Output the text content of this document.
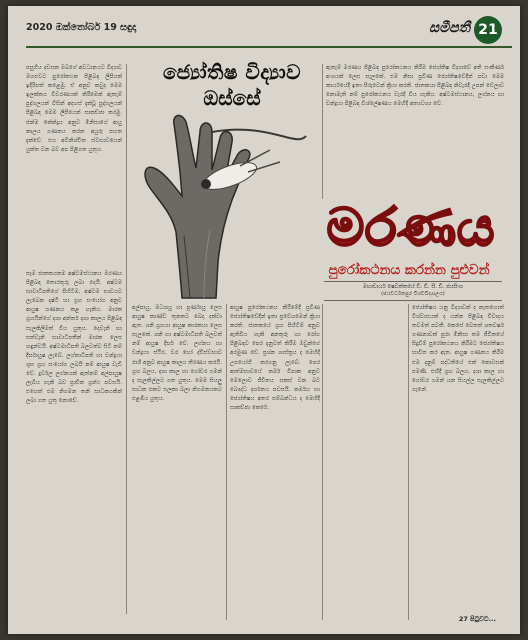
2020 ඔක්තෝබර් 19 සඳුදා	සමීපතී 21
ජ්‍යෝතිෂ විද්‍යාව
ඔස්සේ
මරණය
පුරෝකථනය කරන්න පුළුවන්
මහාචාර්ය ෂෙවත්තයේ ඩී. ඩී. සී. ඩී. ජයසිංහ
(ජයවර්ධනපුර විශ්වවිද්‍යාලය)

පසුගිය දවසක ඔබගේ අවධානයට විද්‍යාව මහළුවට පුරෝකථන පිළිබඳ ලිපියක් ඉදිරිපත් කළෙමු. ඒ අනුව කවුද මෙම ඉලක්කය විවරණයක් කිරීමෙන් ඇතැම් පුද්ගලයන් විසින් අදහස් දැක්වූ පුද්ගලයන් පිළිබඳ මෙම ලිපියෙන් සාකච්ඡා කරමු. ජන්ම කේන්ද්‍රය අනුව මිනිසාගේ ආයු කාලය ගණනය කරන අයුරු පහත දැක්වේ. එය අවිනිශ්චිත ස්වභාවයෙන් යුක්ත වන බව අප පිළිගත යුතුය.

සෑම ජාතකයකම අෂ්ටමස්ථානය මරණය පිළිබඳ තොරතුරු ලබා දෙයි. අෂ්ටම භාවාධිපතිගේ පිහිටීම, අෂ්ටම භාවයට ලැබෙන දෘෂ්ටි හා ග්‍රහ සංයෝග අනුව ආයුෂ ගණනය කළ හැකිය. මාරක ග්‍රහයින්ගේ දශා අන්තර් දශා කාලය පිළිබඳ සැලකිලිමත් විය යුතුය. දෙවැනි හා සත්වැනි භාවාධිපතීන් මාරක ලෙස හඳුන්වයි. අෂ්ටමාධිපති බලවත්ව සිටී නම් දීර්ඝායුෂ ලැබේ. ලග්නාධිපති හා චන්ද්‍රයා ශුභ ග්‍රහ සංයෝග ලබයි නම් ආයුෂ වැඩි වේ. දුර්වල ලග්නයක් ඇත්නම් අල්පායුෂ ලැබිය හැකි බව ප්‍රාචීන ග්‍රන්ථ පවසයි. එහෙත් එම නිගමන තනි සාධකයකින් ලබා ගත යුතු නොවේ.

අල්පායු, මධ්‍යායු හා පූර්ණායු ලෙස ආයුෂ කාණ්ඩ තුනකට බෙදා දක්වා ඇත. ශනි ග්‍රහයා ආයුෂ කාරකයා ලෙස සැලකේ. ශනි හා අෂ්ටමාධිපති බලවත් නම් ආයුෂ දීර්ඝ වේ. ලග්නය හා චන්ද්‍රයා ස්ථිර, චර හෝ ද්විස්වභාව රාශි අනුව ආයුෂ කාලය තීරණය කරයි. ග්‍රහ බලය, දශා කාල හා ගෝචර ගමන් ද සැලකිල්ලට ගත යුතුය. මෙම සියලු සාධක එකට සලකා බලා නිගමනයකට එළඹිය යුතුය.

ආයුෂ පුරෝකථනය කිරීමේදී ප්‍රවීණ ජ්‍යෝතිෂවේදීන් ඉතා ප්‍රවේශමෙන් ක්‍රියා කරති. ජාතකයේ ග්‍රහ පිහිටීම් අනුව ඇතිවිය හැකි අනතුරු හා රෝග පිළිබඳව පෙර දැනුවත් කිරීම ඔවුන්ගේ අරමුණ වේ. ප්‍රශ්න ශාස්ත්‍රය ද මෙහිදී උපයෝගී කරගනු ලැබේ. පෙර ආත්මභාවයේ කර්ම විපාක අනුව මෙලොව ජීවිතය සකස් වන බව බෞද්ධ දර්ශනය පවසයි. කර්මය හා ජ්‍යෝතිෂය අතර සම්බන්ධය ද මෙහිදී සාකච්ඡා කෙරේ.

ඇතැම් මරණය පිළිබඳ පුරෝකථනය කිරීම ජ්‍යෝතිෂ විද්‍යාවේ අති සංකීර්ණ අංශයක් ලෙස සැලකේ. එම නිසා ප්‍රවීණ ජ්‍යෝතිෂවේදීන් පවා මෙම කාර්යයේදී ඉතා සීරුවෙන් ක්‍රියා කරති. ජාතකයා පිළිබඳ නිවැරදි උපන් වේලාව නොමැති නම් පුරෝකථනය වැරදි විය හැකිය. අෂ්ටමස්ථානය, ලග්නය හා චන්ද්‍රයා පිළිබඳ විශ්ලේෂණය මෙහිදී අත්‍යවශ්‍ය වේ.

ජ්‍යෝතිෂය යනු විද්‍යාවක් ද නැතහොත් විශ්වාසයක් ද යන්න පිළිබඳ විවාදය තවමත් පවතී. කෙසේ වෙතත් ශතවර්ෂ ගණනාවක් පුරා මිනිසා තම ජීවිතයේ සිදුවීම් පුරෝකථනය කිරීමට ජ්‍යෝතිෂය භාවිත කර ඇත. ආයුෂ ගණනය කිරීම එම දැනුම් පද්ධතියේ එක් කොටසක් පමණි. එහිදී ග්‍රහ බලය, දශා කාල හා ගෝචර ගමන් යන සියල්ල සැලකිල්ලට ගැනේ.

27 පිටුවට...
